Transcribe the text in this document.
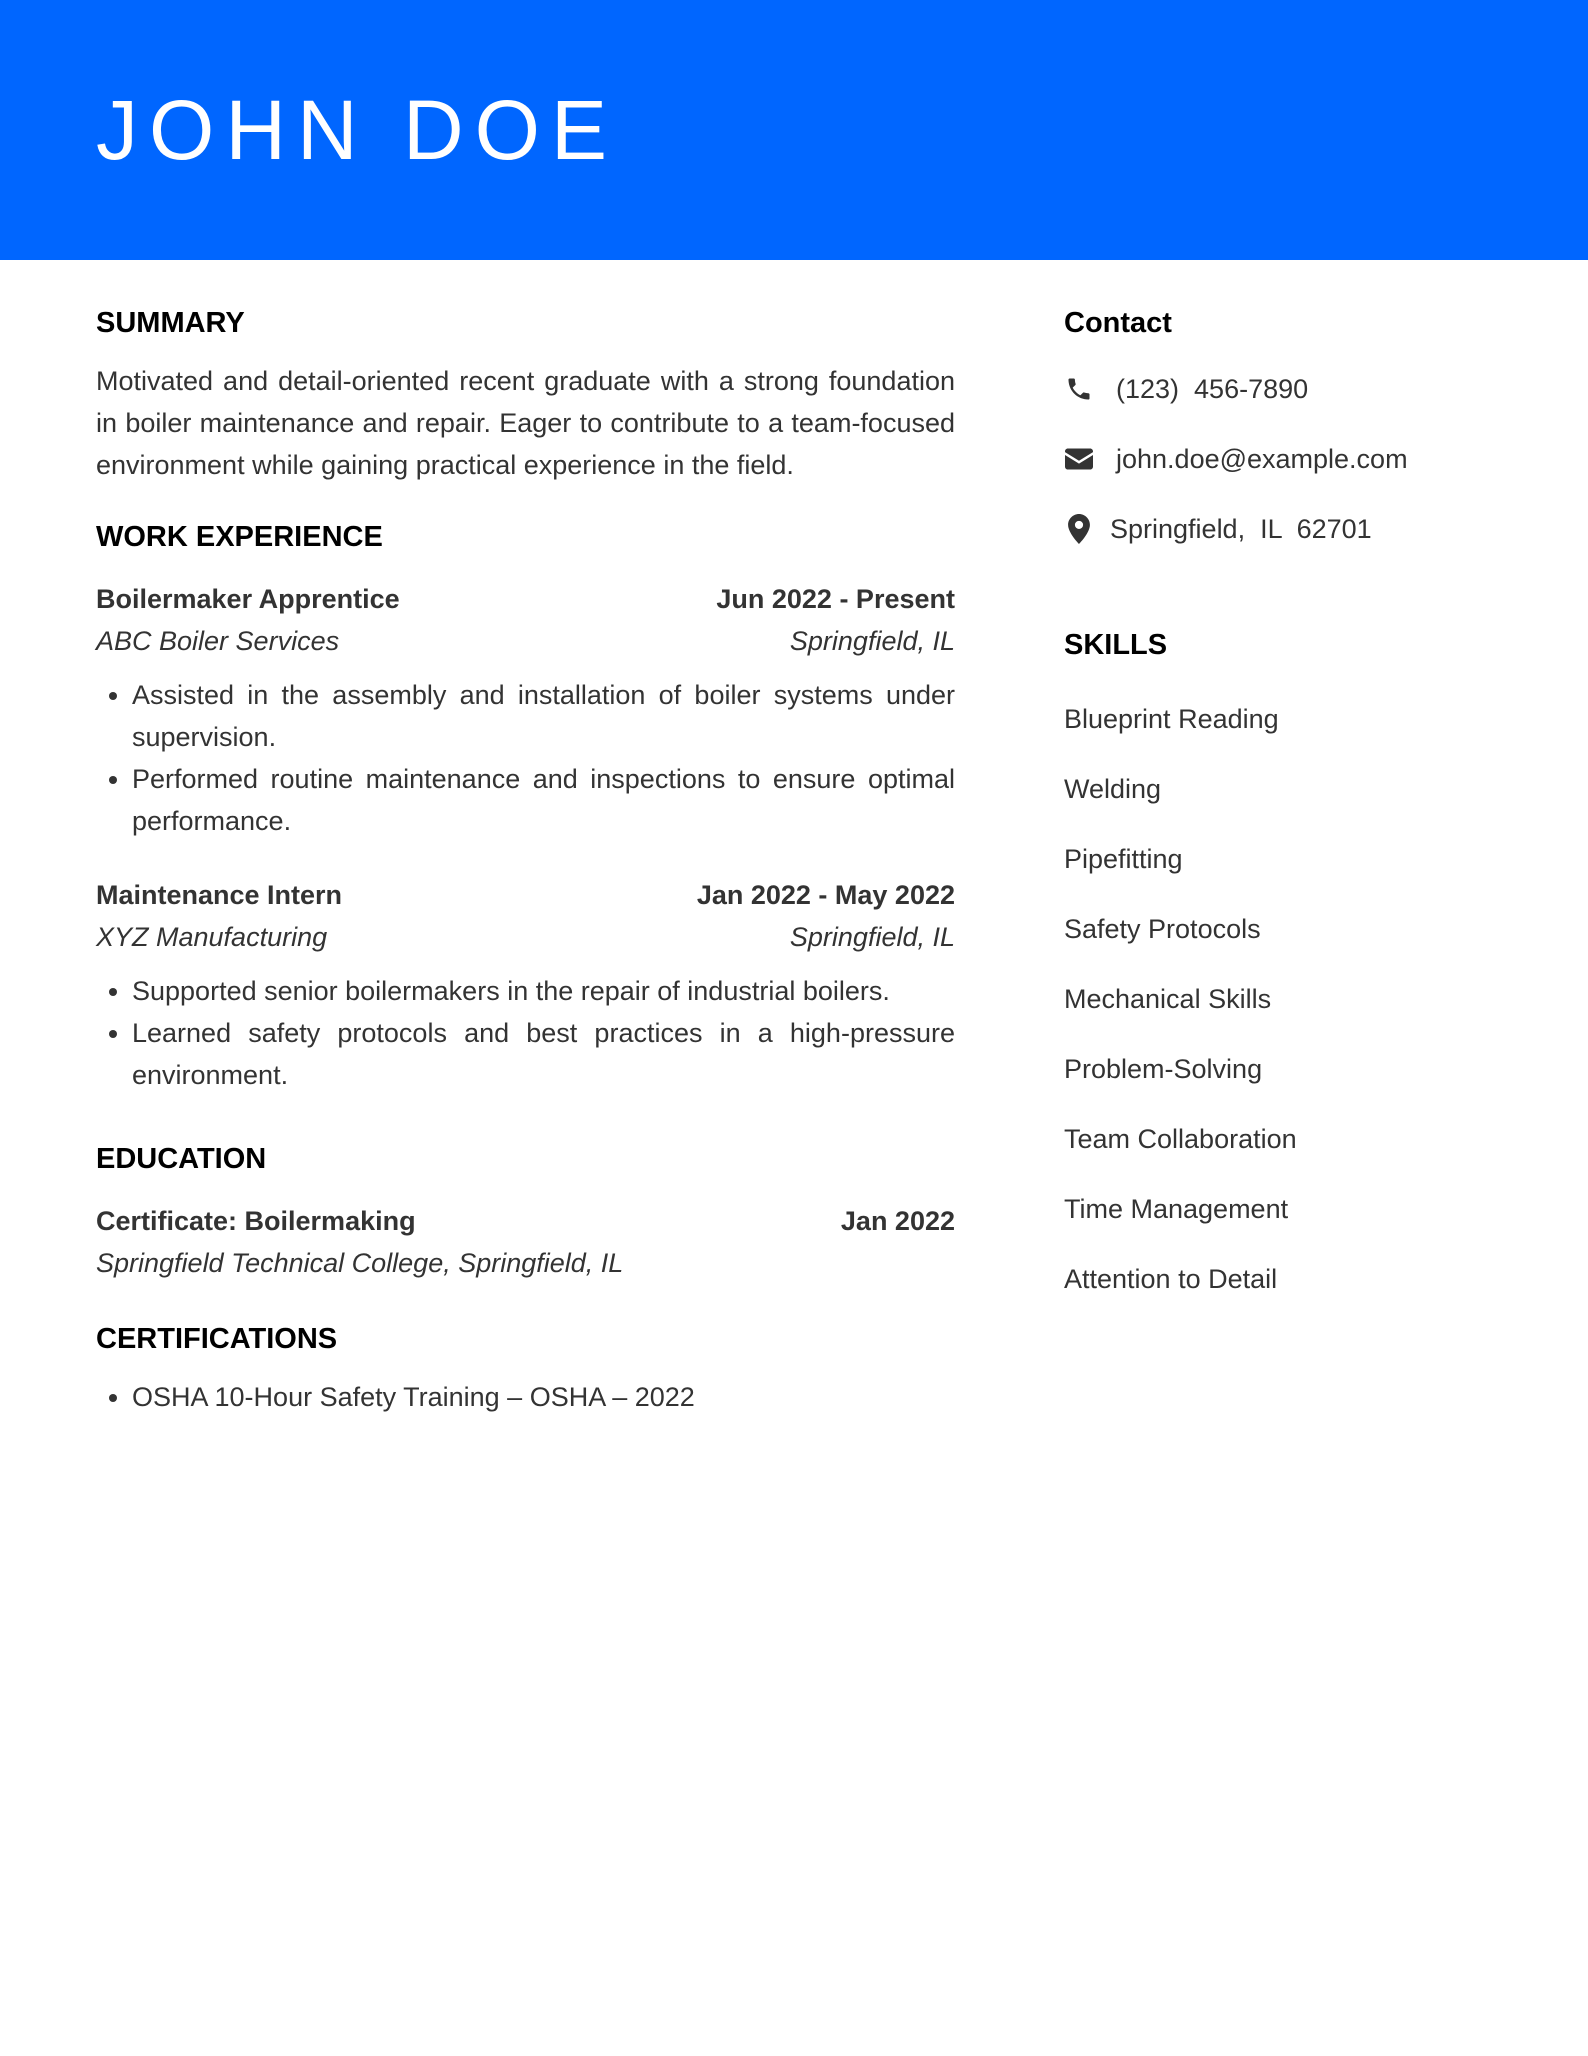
JOHN DOE
SUMMARY

Motivated and detail-oriented recent graduate with a strong foundation in boiler maintenance and repair. Eager to contribute to a team-focused environment while gaining practical experience in the field.

WORK EXPERIENCE
Boilermaker Apprentice	Jun 2022 - Present
ABC Boiler Services	Springfield, IL
• Assisted in the assembly and installation of boiler systems under supervision.
• Performed routine maintenance and inspections to ensure optimal performance.
Maintenance Intern	Jan 2022 - May 2022
XYZ Manufacturing	Springfield, IL
• Supported senior boilermakers in the repair of industrial boilers.
• Learned safety protocols and best practices in a high-pressure environment.
EDUCATION
Certificate: Boilermaking	Jan 2022
Springfield Technical College, Springfield, IL
CERTIFICATIONS
• OSHA 10-Hour Safety Training – OSHA – 2022
Contact
(123)  456-7890
john.doe@example.com
Springfield,  IL  62701
SKILLS
Blueprint Reading
Welding
Pipefitting
Safety Protocols
Mechanical Skills
Problem-Solving
Team Collaboration
Time Management
Attention to Detail
